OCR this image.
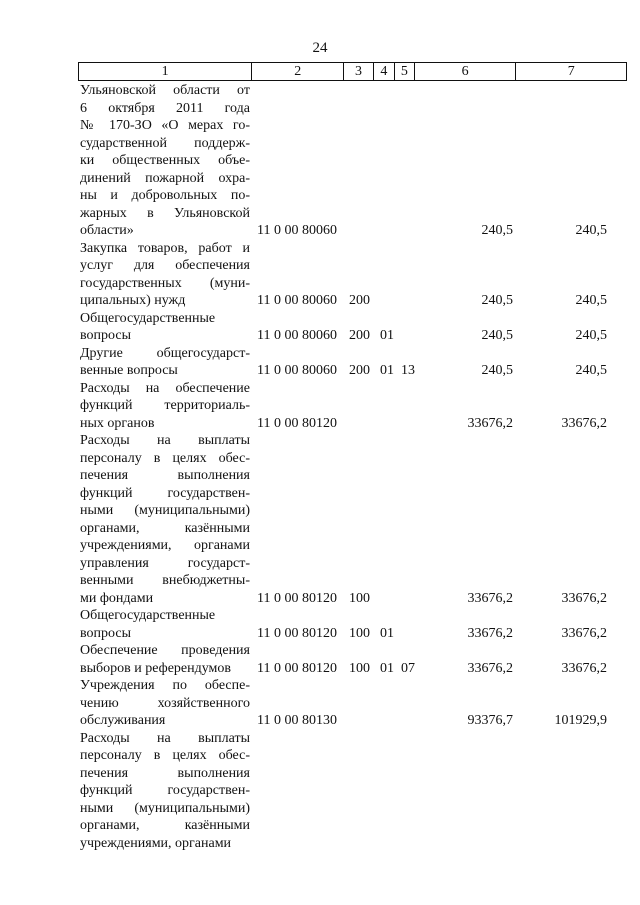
24
1	2	3	4 5	6	7
Ульяновской области от
6 октября 2011 года
№ 170-ЗО «О мерах го-
сударственной поддерж-
ки общественных объе-
динений пожарной охра-
ны и добровольных по-
жарных в Ульяновской
области»	11 0 00 80060	240,5	240,5
Закупка товаров, работ и
услуг для обеспечения
государственных (муни-
ципальных) нужд	11 0 00 80060 200	240,5	240,5
Общегосударственные
вопросы	11 0 00 80060 200 01	240,5	240,5
Другие общегосударст-
венные вопросы	11 0 00 80060 200 01 13	240,5	240,5
Расходы на обеспечение
функций территориаль-
ных органов	11 0 00 80120	33676,2	33676,2
Расходы на выплаты
персоналу в целях обес-
печения выполнения
функций государствен-
ными (муниципальными)
органами, казёнными
учреждениями, органами
управления государст-
венными внебюджетны-
ми фондами	11 0 00 80120 100	33676,2	33676,2
Общегосударственные
вопросы	11 0 00 80120 100 01	33676,2	33676,2
Обеспечение проведения
выборов и референдумов	11 0 00 80120 100 01 07	33676,2	33676,2
Учреждения по обеспе-
чению хозяйственного
обслуживания	11 0 00 80130	93376,7	101929,9
Расходы на выплаты
персоналу в целях обес-
печения выполнения
функций государствен-
ными (муниципальными)
органами, казёнными
учреждениями, органами
